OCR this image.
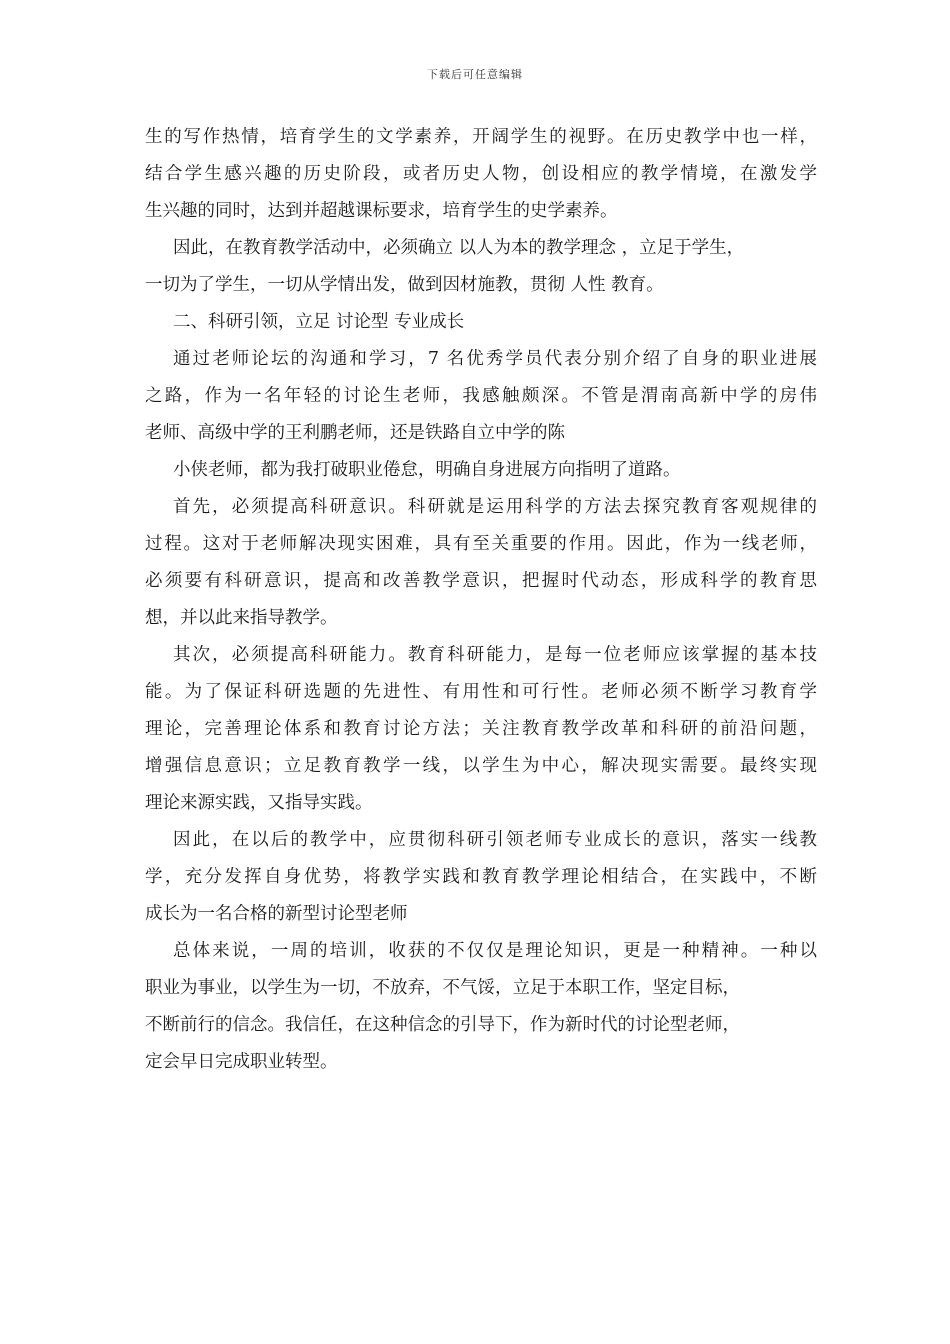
下载后可任意编辑
生的写作热情，培育学生的文学素养，开阔学生的视野。在历史教学中也一样，
结合学生感兴趣的历史阶段，或者历史人物，创设相应的教学情境，在激发学
生兴趣的同时，达到并超越课标要求，培育学生的史学素养。
因此，在教育教学活动中，必须确立 以人为本的教学理念 ，立足于学生，
一切为了学生，一切从学情出发，做到因材施教，贯彻 人性 教育。
二、科研引领，立足 讨论型 专业成长
通过老师论坛的沟通和学习，7 名优秀学员代表分别介绍了自身的职业进展
之路，作为一名年轻的讨论生老师，我感触颇深。不管是渭南高新中学的房伟
老师、高级中学的王利鹏老师，还是铁路自立中学的陈
小侠老师，都为我打破职业倦怠，明确自身进展方向指明了道路。
首先，必须提高科研意识。科研就是运用科学的方法去探究教育客观规律的
过程。这对于老师解决现实困难，具有至关重要的作用。因此，作为一线老师，
必须要有科研意识，提高和改善教学意识，把握时代动态，形成科学的教育思
想，并以此来指导教学。
其次，必须提高科研能力。教育科研能力，是每一位老师应该掌握的基本技
能。为了保证科研选题的先进性、有用性和可行性。老师必须不断学习教育学
理论，完善理论体系和教育讨论方法；关注教育教学改革和科研的前沿问题，
增强信息意识；立足教育教学一线，以学生为中心，解决现实需要。最终实现
理论来源实践，又指导实践。
因此，在以后的教学中，应贯彻科研引领老师专业成长的意识，落实一线教
学，充分发挥自身优势，将教学实践和教育教学理论相结合，在实践中，不断
成长为一名合格的新型讨论型老师
总体来说，一周的培训，收获的不仅仅是理论知识，更是一种精神。一种以
职业为事业，以学生为一切，不放弃，不气馁，立足于本职工作，坚定目标，
不断前行的信念。我信任，在这种信念的引导下，作为新时代的讨论型老师，
定会早日完成职业转型。
